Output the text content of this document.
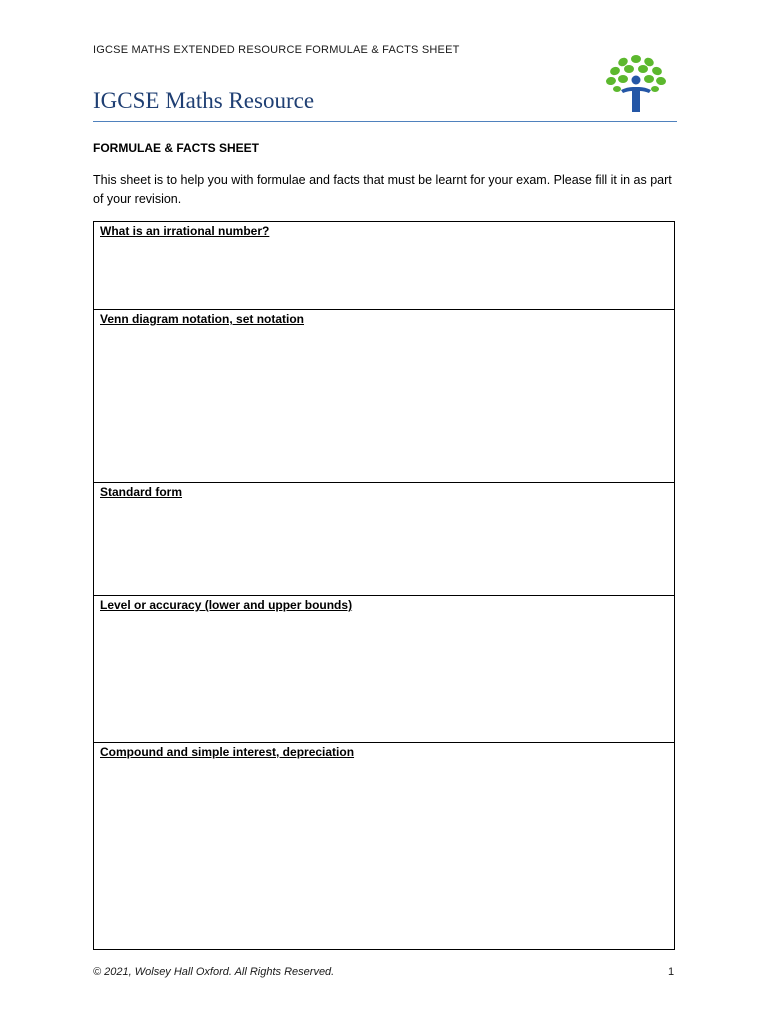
IGCSE MATHS EXTENDED RESOURCE FORMULAE & FACTS SHEET
IGCSE Maths Resource
FORMULAE & FACTS SHEET
This sheet is to help you with formulae and facts that must be learnt for your exam. Please fill it in as part of your revision.
What is an irrational number?
Venn diagram notation, set notation
Standard form
Level or accuracy (lower and upper bounds)
Compound and simple interest, depreciation
© 2021, Wolsey Hall Oxford. All Rights Reserved.	1
